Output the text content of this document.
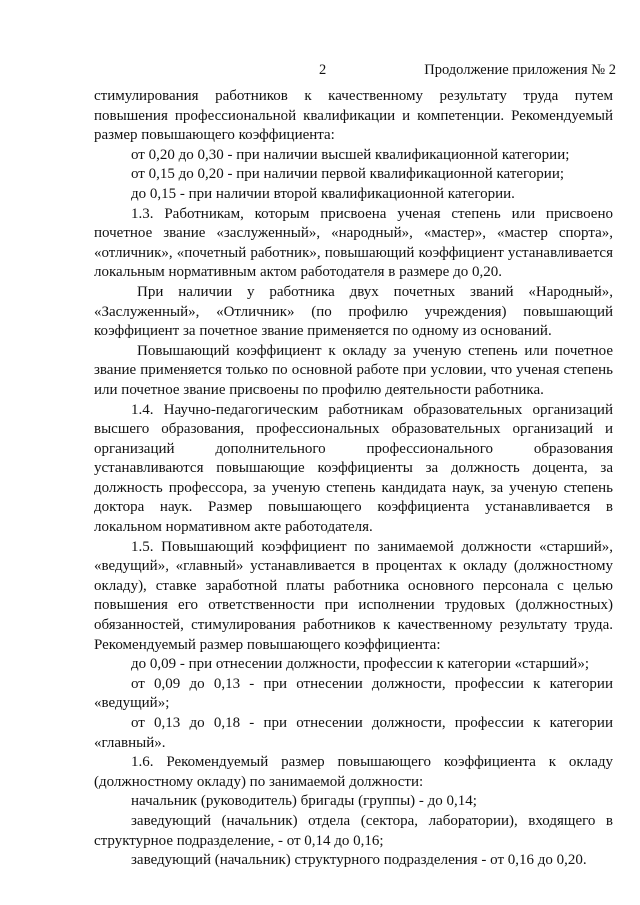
2	Продолжение приложения № 2

стимулирования работников к качественному результату труда путем повышения профессиональной квалификации и компетенции. Рекомендуемый размер повышающего коэффициента:

от 0,20 до 0,30 - при наличии высшей квалификационной категории;

от 0,15 до 0,20 - при наличии первой квалификационной категории;

до 0,15 - при наличии второй квалификационной категории.

1.3. Работникам, которым присвоена ученая степень или присвоено почетное звание «заслуженный», «народный», «мастер», «мастер спорта», «отличник», «почетный работник», повышающий коэффициент устанавливается локальным нормативным актом работодателя в размере до 0,20.

При наличии у работника двух почетных званий «Народный», «Заслуженный», «Отличник» (по профилю учреждения) повышающий коэффициент за почетное звание применяется по одному из оснований.

Повышающий коэффициент к окладу за ученую степень или почетное звание применяется только по основной работе при условии, что ученая степень или почетное звание присвоены по профилю деятельности работника.

1.4. Научно-педагогическим работникам образовательных организаций высшего образования, профессиональных образовательных организаций и организаций дополнительного профессионального образования устанавливаются повышающие коэффициенты за должность доцента, за должность профессора, за ученую степень кандидата наук, за ученую степень доктора наук. Размер повышающего коэффициента устанавливается в локальном нормативном акте работодателя.

1.5. Повышающий коэффициент по занимаемой должности «старший», «ведущий», «главный» устанавливается в процентах к окладу (должностному окладу), ставке заработной платы работника основного персонала с целью повышения его ответственности при исполнении трудовых (должностных) обязанностей, стимулирования работников к качественному результату труда. Рекомендуемый размер повышающего коэффициента:

до 0,09 - при отнесении должности, профессии к категории «старший»;

от 0,09 до 0,13 - при отнесении должности, профессии к категории «ведущий»;

от 0,13 до 0,18 - при отнесении должности, профессии к категории «главный».

1.6. Рекомендуемый размер повышающего коэффициента к окладу (должностному окладу) по занимаемой должности:

начальник (руководитель) бригады (группы) - до 0,14;

заведующий (начальник) отдела (сектора, лаборатории), входящего в структурное подразделение, - от 0,14 до 0,16;

заведующий (начальник) структурного подразделения - от 0,16 до 0,20.
